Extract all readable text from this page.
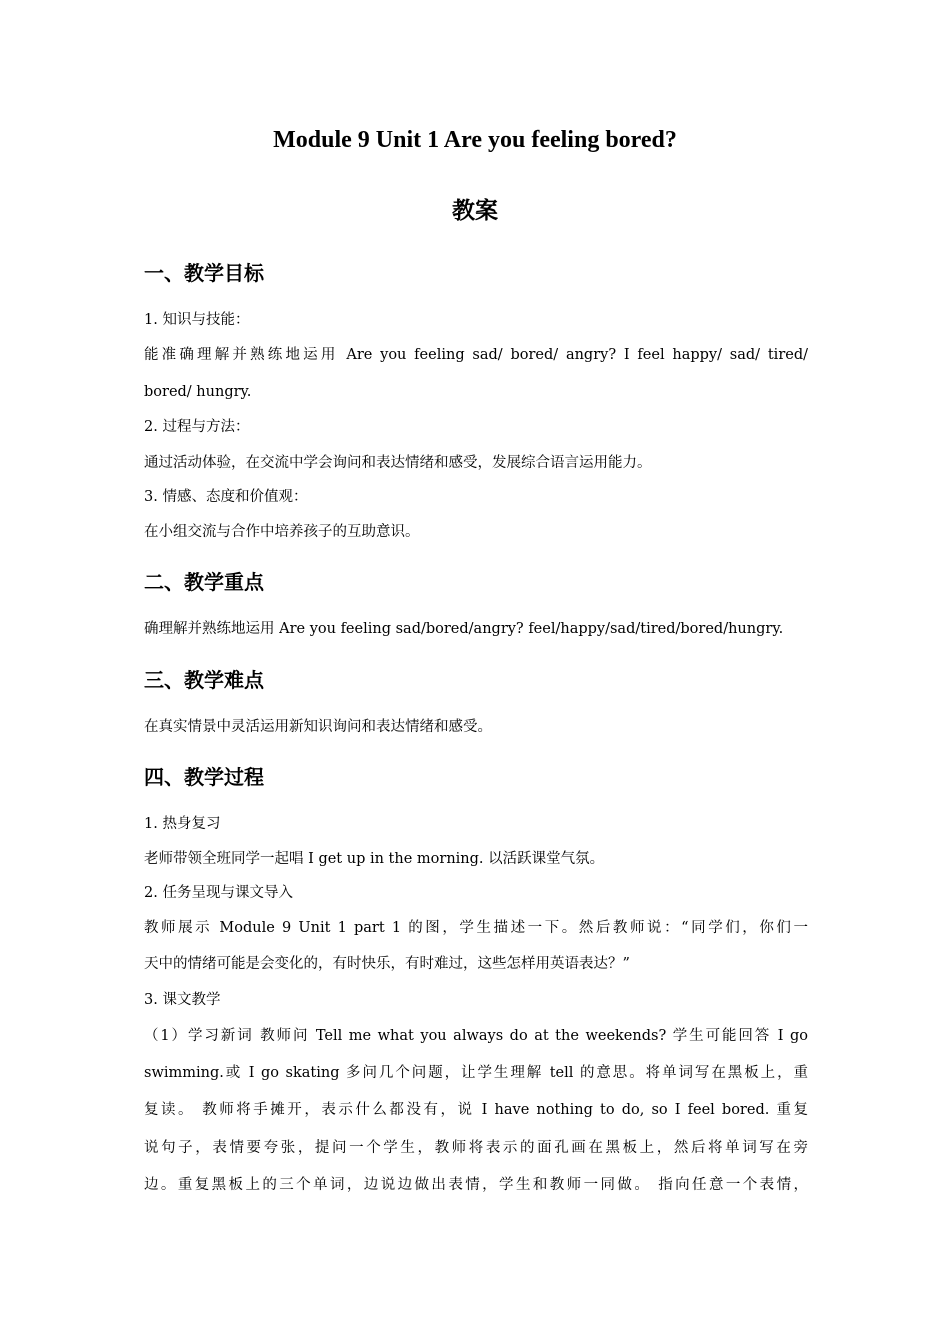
Module 9 Unit 1 Are you feeling bored?
教案
一、教学目标
1. 知识与技能：
能准确理解并熟练地运用 Are you feeling sad/ bored/ angry? I feel happy/ sad/ tired/
bored/ hungry.
2. 过程与方法：
通过活动体验，在交流中学会询问和表达情绪和感受，发展综合语言运用能力。
3. 情感、态度和价值观：
在小组交流与合作中培养孩子的互助意识。
二、教学重点
确理解并熟练地运用 Are you feeling sad/bored/angry? feel/happy/sad/tired/bored/hungry.
三、教学难点
在真实情景中灵活运用新知识询问和表达情绪和感受。
四、教学过程
1. 热身复习
老师带领全班同学一起唱 I get up in the morning. 以活跃课堂气氛。
2. 任务呈现与课文导入
教师展示 Module 9 Unit 1 part 1 的图，学生描述一下。然后教师说：“同学们，你们一
天中的情绪可能是会变化的，有时快乐，有时难过，这些怎样用英语表达？”
3. 课文教学
（1）学习新词 教师问 Tell me what you always do at the weekends? 学生可能回答 I go
swimming.或 I go skating 多问几个问题，让学生理解 tell 的意思。将单词写在黑板上，重
复读。 教师将手摊开，表示什么都没有，说 I have nothing to do, so I feel bored. 重复
说句子，表情要夸张，提问一个学生，教师将表示的面孔画在黑板上，然后将单词写在旁
边。重复黑板上的三个单词，边说边做出表情，学生和教师一同做。 指向任意一个表情，
